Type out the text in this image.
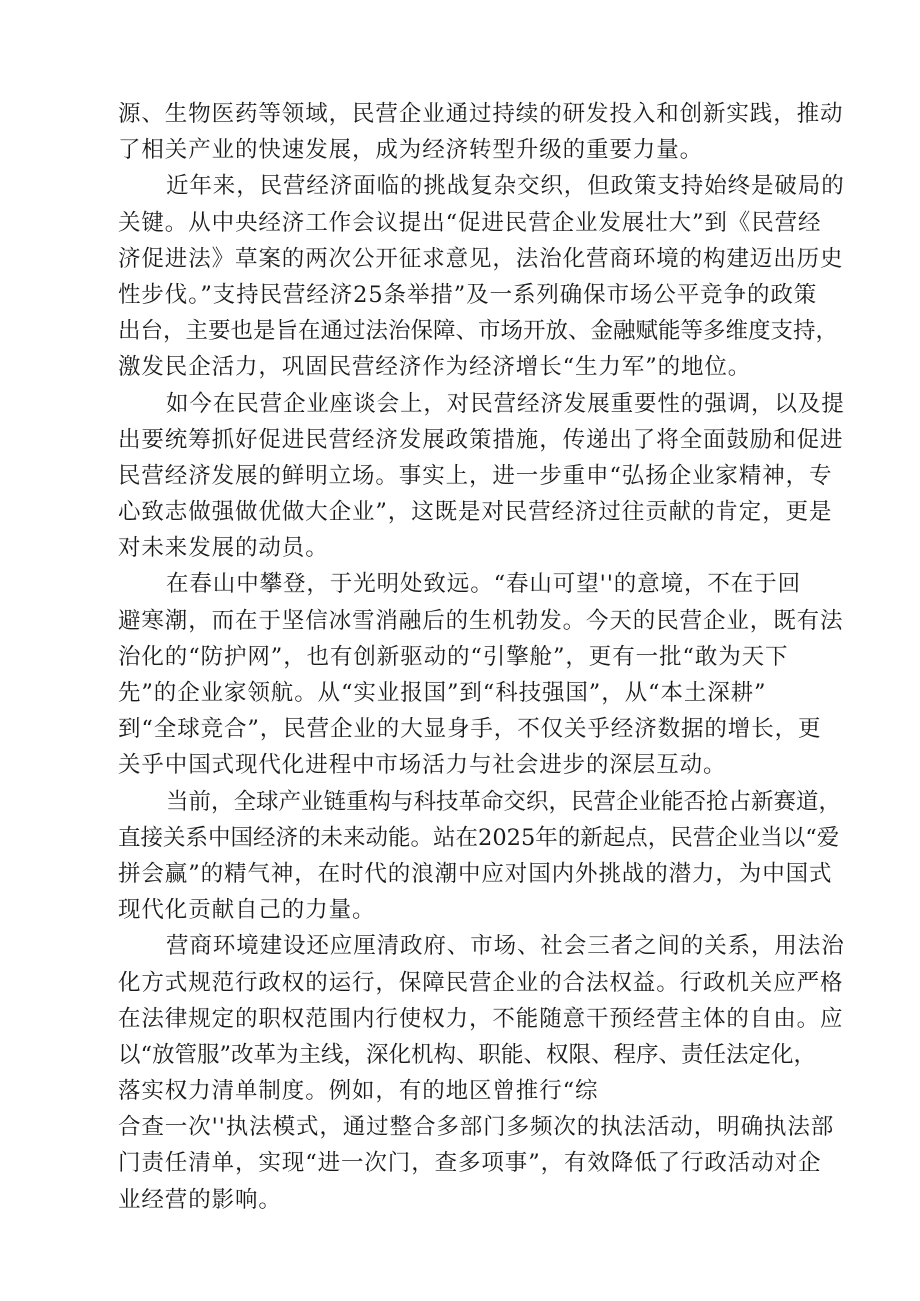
源、生物医药等领域，民营企业通过持续的研发投入和创新实践，推动
了相关产业的快速发展，成为经济转型升级的重要力量。
近年来，民营经济面临的挑战复杂交织，但政策支持始终是破局的
关键。从中央经济工作会议提出“促进民营企业发展壮大”到《民营经
济促进法》草案的两次公开征求意见，法治化营商环境的构建迈出历史
性步伐。”支持民营经济25条举措”及一系列确保市场公平竞争的政策
出台，主要也是旨在通过法治保障、市场开放、金融赋能等多维度支持，
激发民企活力，巩固民营经济作为经济增长“生力军”的地位。
如今在民营企业座谈会上，对民营经济发展重要性的强调，以及提
出要统筹抓好促进民营经济发展政策措施，传递出了将全面鼓励和促进
民营经济发展的鲜明立场。事实上，进一步重申“弘扬企业家精神，专
心致志做强做优做大企业”，这既是对民营经济过往贡献的肯定，更是
对未来发展的动员。
在春山中攀登，于光明处致远。“春山可望''的意境，不在于回
避寒潮，而在于坚信冰雪消融后的生机勃发。今天的民营企业，既有法
治化的“防护网”，也有创新驱动的“引擎舱”，更有一批“敢为天下
先”的企业家领航。从“实业报国”到“科技强国”，从“本土深耕”
到“全球竞合”，民营企业的大显身手，不仅关乎经济数据的增长，更
关乎中国式现代化进程中市场活力与社会进步的深层互动。
当前，全球产业链重构与科技革命交织，民营企业能否抢占新赛道，
直接关系中国经济的未来动能。站在2025年的新起点，民营企业当以“爱
拼会赢”的精气神，在时代的浪潮中应对国内外挑战的潜力，为中国式
现代化贡献自己的力量。
营商环境建设还应厘清政府、市场、社会三者之间的关系，用法治
化方式规范行政权的运行，保障民营企业的合法权益。行政机关应严格
在法律规定的职权范围内行使权力，不能随意干预经营主体的自由。应
以“放管服”改革为主线，深化机构、职能、权限、程序、责任法定化，
落实权力清单制度。例如，有的地区曾推行“综
合查一次''执法模式，通过整合多部门多频次的执法活动，明确执法部
门责任清单，实现“进一次门，查多项事”，有效降低了行政活动对企
业经营的影响。
